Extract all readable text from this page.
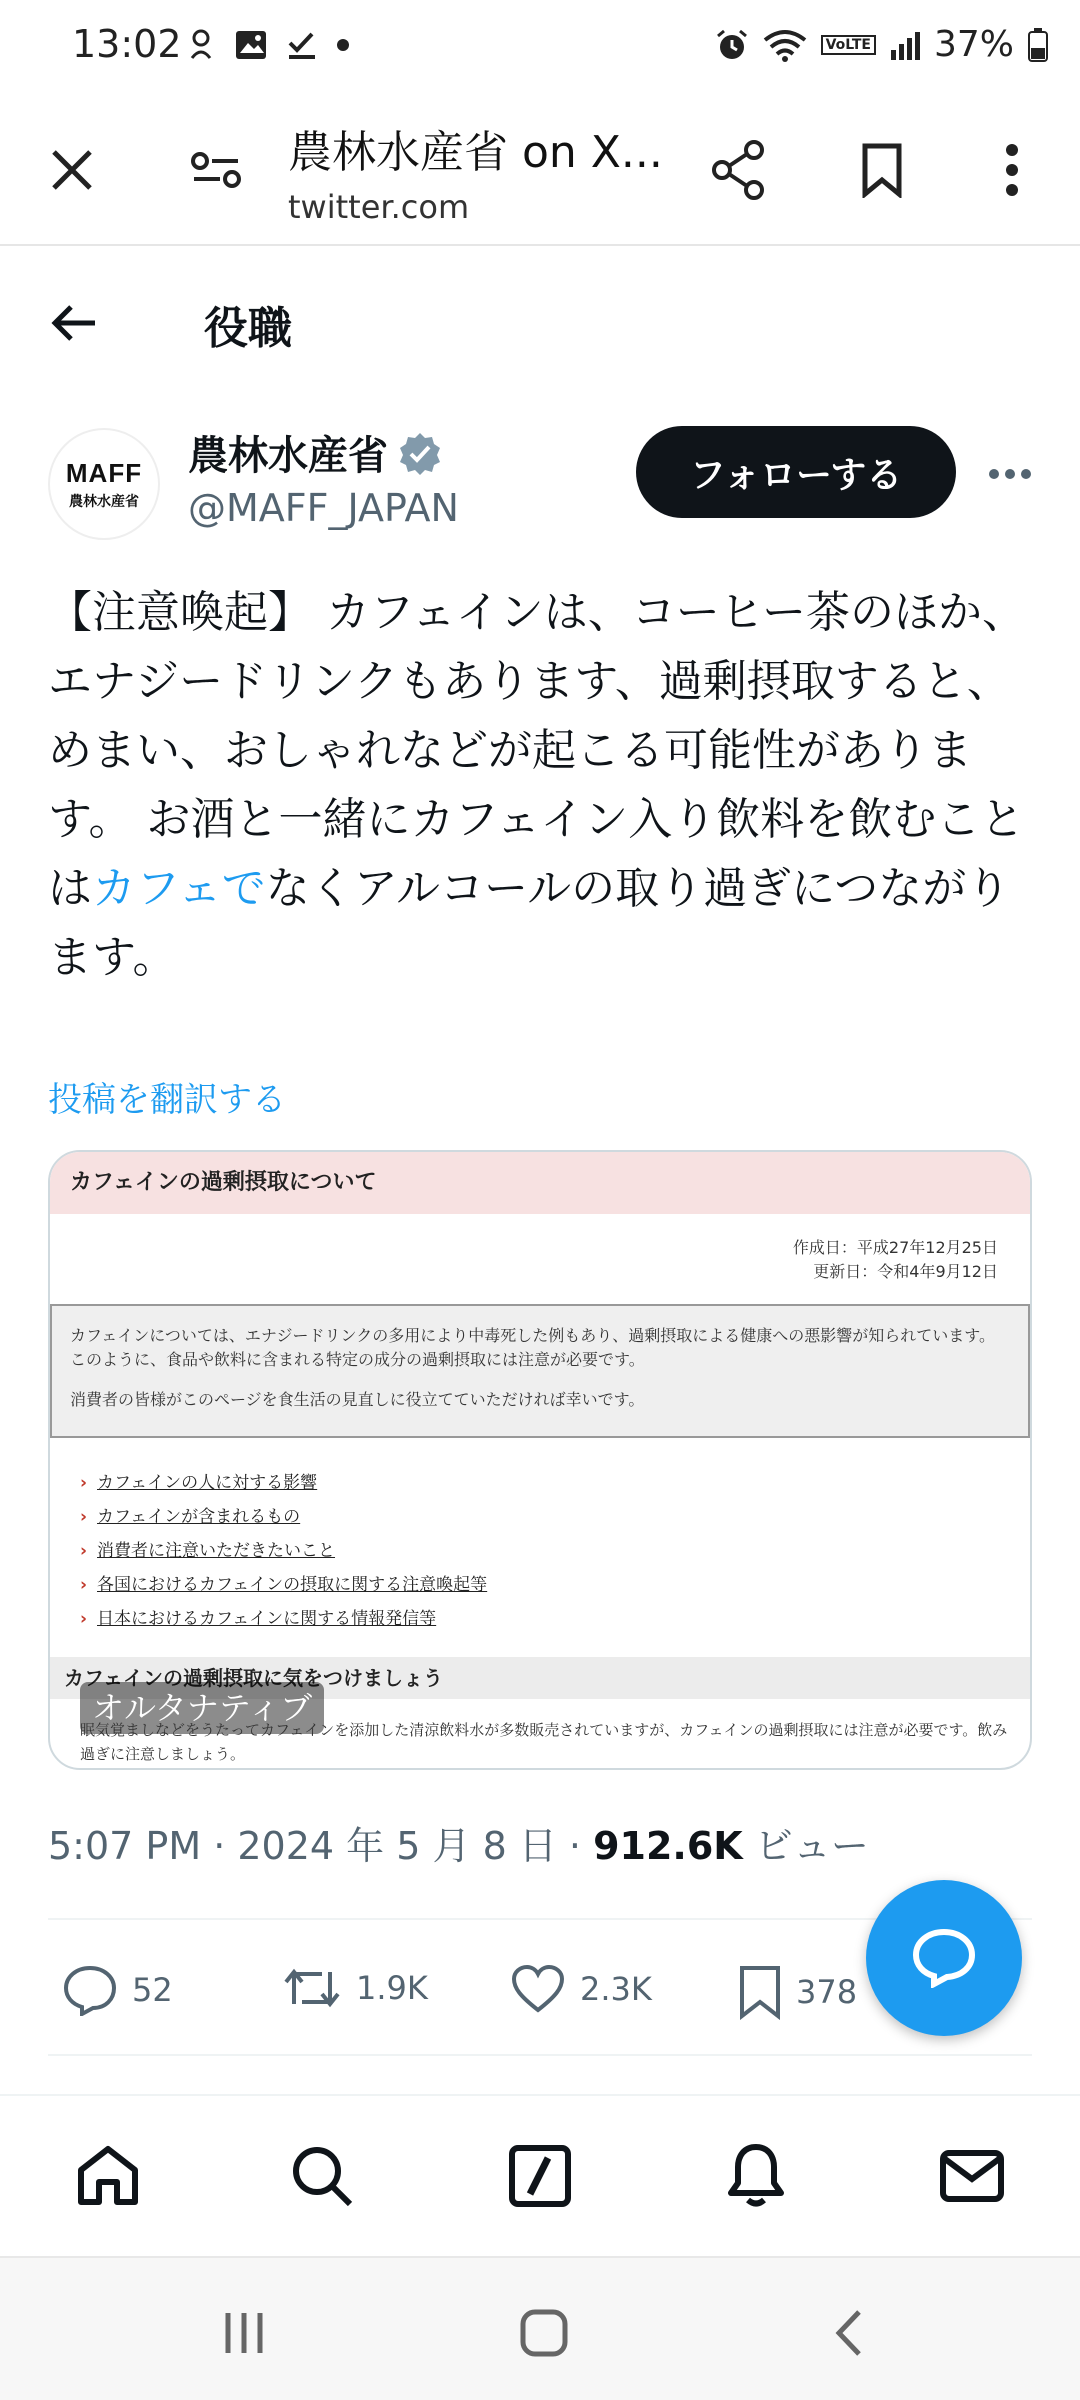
13:02	VoLTE 37%
農林水産省 on X...
twitter.com
役職
MAFF
農林水産省
農林水産省
@MAFF_JAPAN
フォローする
【注意喚起】 カフェインは、コーヒー茶のほか、エナジードリンクもあります、過剰摂取すると、めまい、おしゃれなどが起こる可能性があります。 お酒と一緒にカフェイン入り飲料を飲むことはカフェでなくアルコールの取り過ぎにつながります。
投稿を翻訳する
カフェインの過剰摂取について
作成日：平成27年12月25日
更新日：令和4年9月12日

カフェインについては、エナジードリンクの多用により中毒死した例もあり、過剰摂取による健康への悪影響が知られています。このように、食品や飲料に含まれる特定の成分の過剰摂取には注意が必要です。

消費者の皆様がこのページを食生活の見直しに役立てていただければ幸いです。

› カフェインの人に対する影響
› カフェインが含まれるもの
› 消費者に注意いただきたいこと
› 各国におけるカフェインの摂取に関する注意喚起等
› 日本におけるカフェインに関する情報発信等
カフェインの過剰摂取に気をつけましょう
オルタナティブ
眠気覚ましなどをうたってカフェインを添加した清涼飲料水が多数販売されていますが、カフェインの過剰摂取には注意が必要です。飲み過ぎに注意しましょう。
5:07 PM · 2024 年 5 月 8 日 · 912.6K ビュー
52	1.9K	2.3K	378
